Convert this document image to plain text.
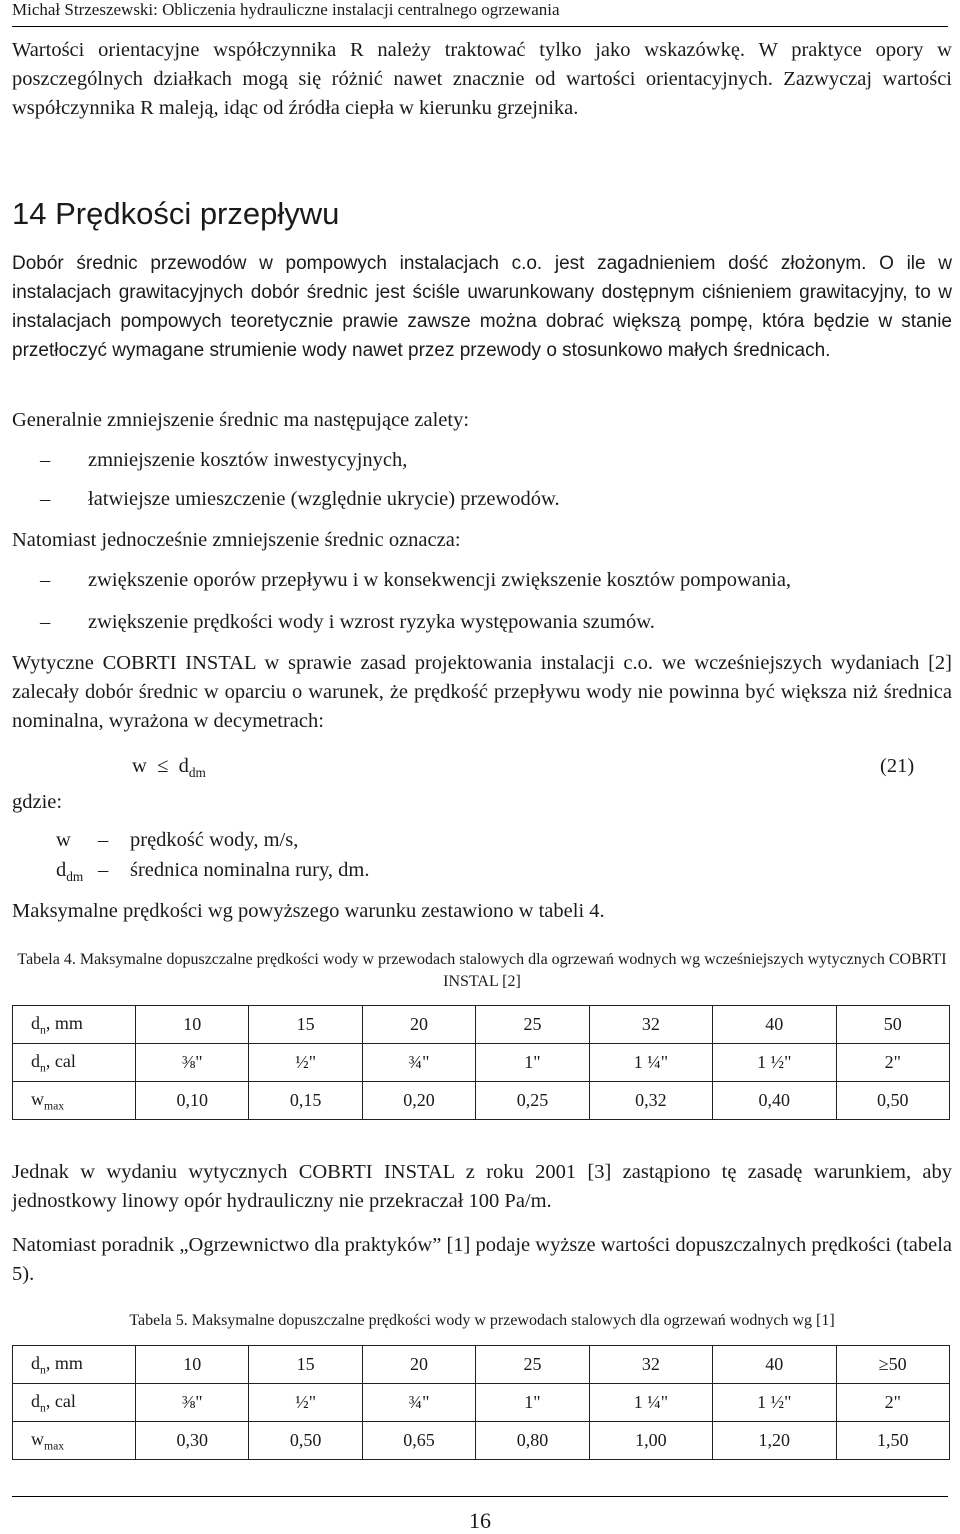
Michał Strzeszewski: Obliczenia hydrauliczne instalacji centralnego ogrzewania
Wartości orientacyjne współczynnika R należy traktować tylko jako wskazówkę. W praktyce opory w poszczególnych działkach mogą się różnić nawet znacznie od wartości orientacyjnych. Zazwyczaj wartości współczynnika R maleją, idąc od źródła ciepła w kierunku grzejnika.
14 Prędkości przepływu
Dobór średnic przewodów w pompowych instalacjach c.o. jest zagadnieniem dość złożonym. O ile w instalacjach grawitacyjnych dobór średnic jest ściśle uwarunkowany dostępnym ciśnieniem grawitacyjny, to w instalacjach pompowych teoretycznie prawie zawsze można dobrać większą pompę, która będzie w stanie przetłoczyć wymagane strumienie wody nawet przez przewody o stosunkowo małych średnicach.
Generalnie zmniejszenie średnic ma następujące zalety:
– zmniejszenie kosztów inwestycyjnych,
– łatwiejsze umieszczenie (względnie ukrycie) przewodów.
Natomiast jednocześnie zmniejszenie średnic oznacza:
– zwiększenie oporów przepływu i w konsekwencji zwiększenie kosztów pompowania,
– zwiększenie prędkości wody i wzrost ryzyka występowania szumów.
Wytyczne COBRTI INSTAL w sprawie zasad projektowania instalacji c.o. we wcześniejszych wydaniach [2] zalecały dobór średnic w oparciu o warunek, że prędkość przepływu wody nie powinna być większa niż średnica nominalna, wyrażona w decymetrach:
$w \le d_{dm}$	(21)
gdzie:
w – prędkość wody, m/s,
$d_{dm}$ – średnica nominalna rury, dm.
Maksymalne prędkości wg powyższego warunku zestawiono w tabeli 4.
Tabela 4. Maksymalne dopuszczalne prędkości wody w przewodach stalowych dla ogrzewań wodnych wg wcześniejszych wytycznych COBRTI INSTAL [2]
$d_n$, mm	10	15	20	25	32	40	50
$d_n$, cal	⅜"	½"	¾"	1"	1 ¼"	1 ½"	2"
$w_{max}$	0,10	0,15	0,20	0,25	0,32	0,40	0,50
Jednak w wydaniu wytycznych COBRTI INSTAL z roku 2001 [3] zastąpiono tę zasadę warunkiem, aby jednostkowy linowy opór hydrauliczny nie przekraczał 100 Pa/m.
Natomiast poradnik „Ogrzewnictwo dla praktyków” [1] podaje wyższe wartości dopuszczalnych prędkości (tabela 5).
Tabela 5. Maksymalne dopuszczalne prędkości wody w przewodach stalowych dla ogrzewań wodnych wg [1]
$d_n$, mm	10	15	20	25	32	40	≥50
$d_n$, cal	⅜"	½"	¾"	1"	1 ¼"	1 ½"	2"
$w_{max}$	0,30	0,50	0,65	0,80	1,00	1,20	1,50
16
